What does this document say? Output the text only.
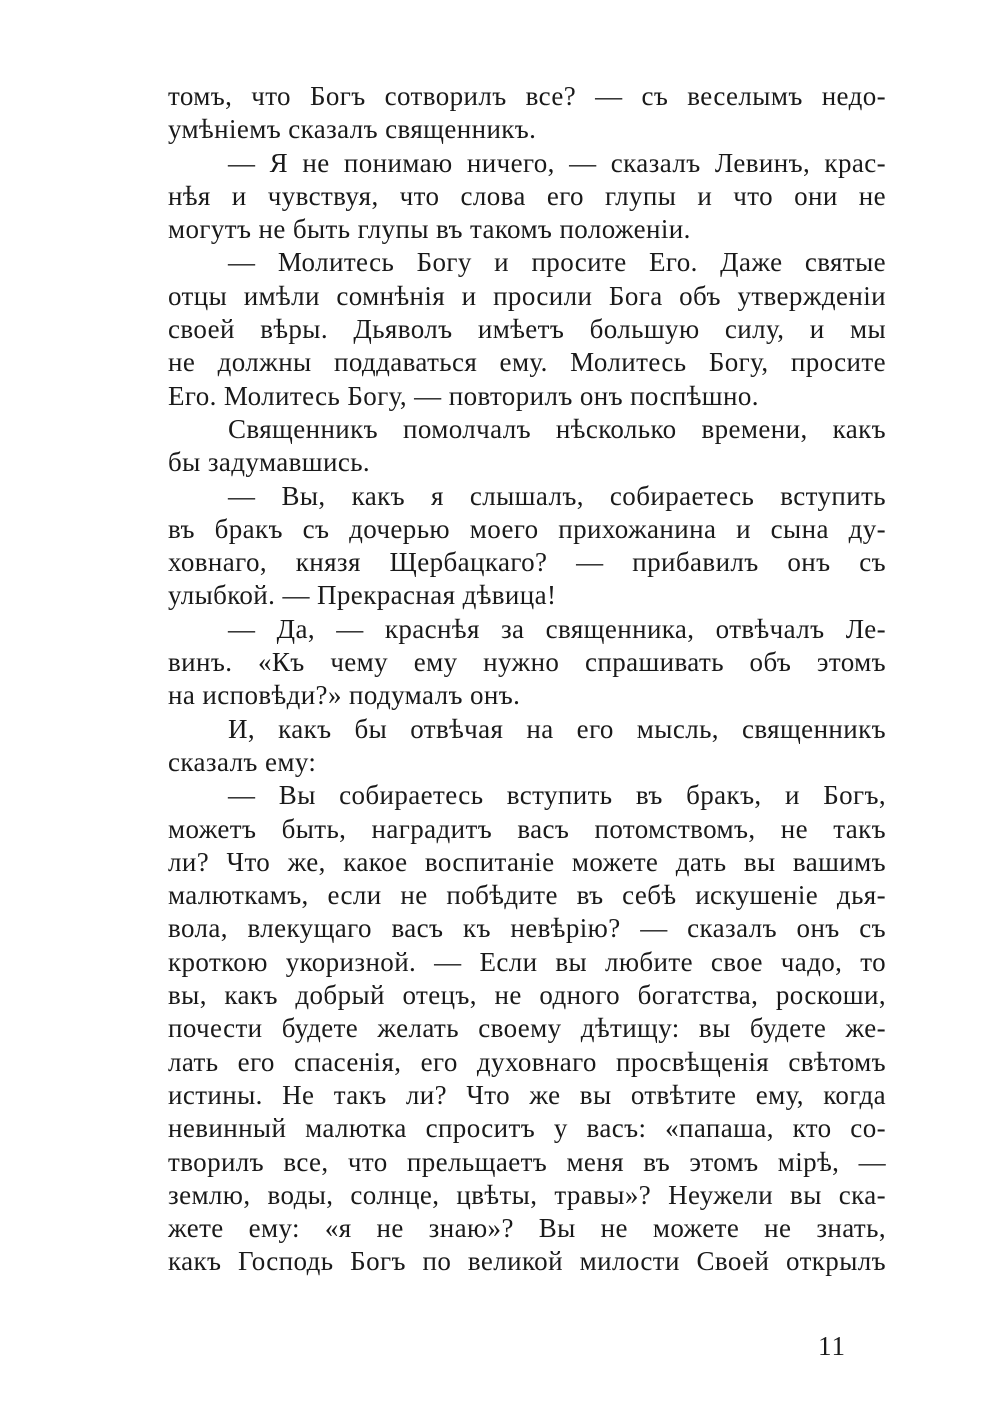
томъ, что Богъ сотворилъ все? — съ веселымъ недо-
умѣніемъ сказалъ священникъ.
— Я не понимаю ничего, — сказалъ Левинъ, крас-
нѣя и чувствуя, что слова его глупы и что они не
могутъ не быть глупы въ такомъ положеніи.
— Молитесь Богу и просите Его. Даже святые
отцы имѣли сомнѣнія и просили Бога объ утвержденіи
своей вѣры. Дьяволъ имѣетъ большую силу, и мы
не должны поддаваться ему. Молитесь Богу, просите
Его. Молитесь Богу, — повторилъ онъ поспѣшно.
Священникъ помолчалъ нѣсколько времени, какъ
бы задумавшись.
— Вы, какъ я слышалъ, собираетесь вступить
въ бракъ съ дочерью моего прихожанина и сына ду-
ховнаго, князя Щербацкаго? — прибавилъ онъ съ
улыбкой. — Прекрасная дѣвица!
— Да, — краснѣя за священника, отвѣчалъ Ле-
винъ. «Къ чему ему нужно спрашивать объ этомъ
на исповѣди?» подумалъ онъ.
И, какъ бы отвѣчая на его мысль, священникъ
сказалъ ему:
— Вы собираетесь вступить въ бракъ, и Богъ,
можетъ быть, наградитъ васъ потомствомъ, не такъ
ли? Что же, какое воспитаніе можете дать вы вашимъ
малюткамъ, если не побѣдите въ себѣ искушеніе дья-
вола, влекущаго васъ къ невѣрію? — сказалъ онъ съ
кроткою укоризной. — Если вы любите свое чадо, то
вы, какъ добрый отецъ, не одного богатства, роскоши,
почести будете желать своему дѣтищу: вы будете же-
лать его спасенія, его духовнаго просвѣщенія свѣтомъ
истины. Не такъ ли? Что же вы отвѣтите ему, когда
невинный малютка спроситъ у васъ: «папаша, кто со-
творилъ все, что прельщаетъ меня въ этомъ мірѣ, —
землю, воды, солнце, цвѣты, травы»? Неужели вы ска-
жете ему: «я не знаю»? Вы не можете не знать,
какъ Господь Богъ по великой милости Своей открылъ
11
